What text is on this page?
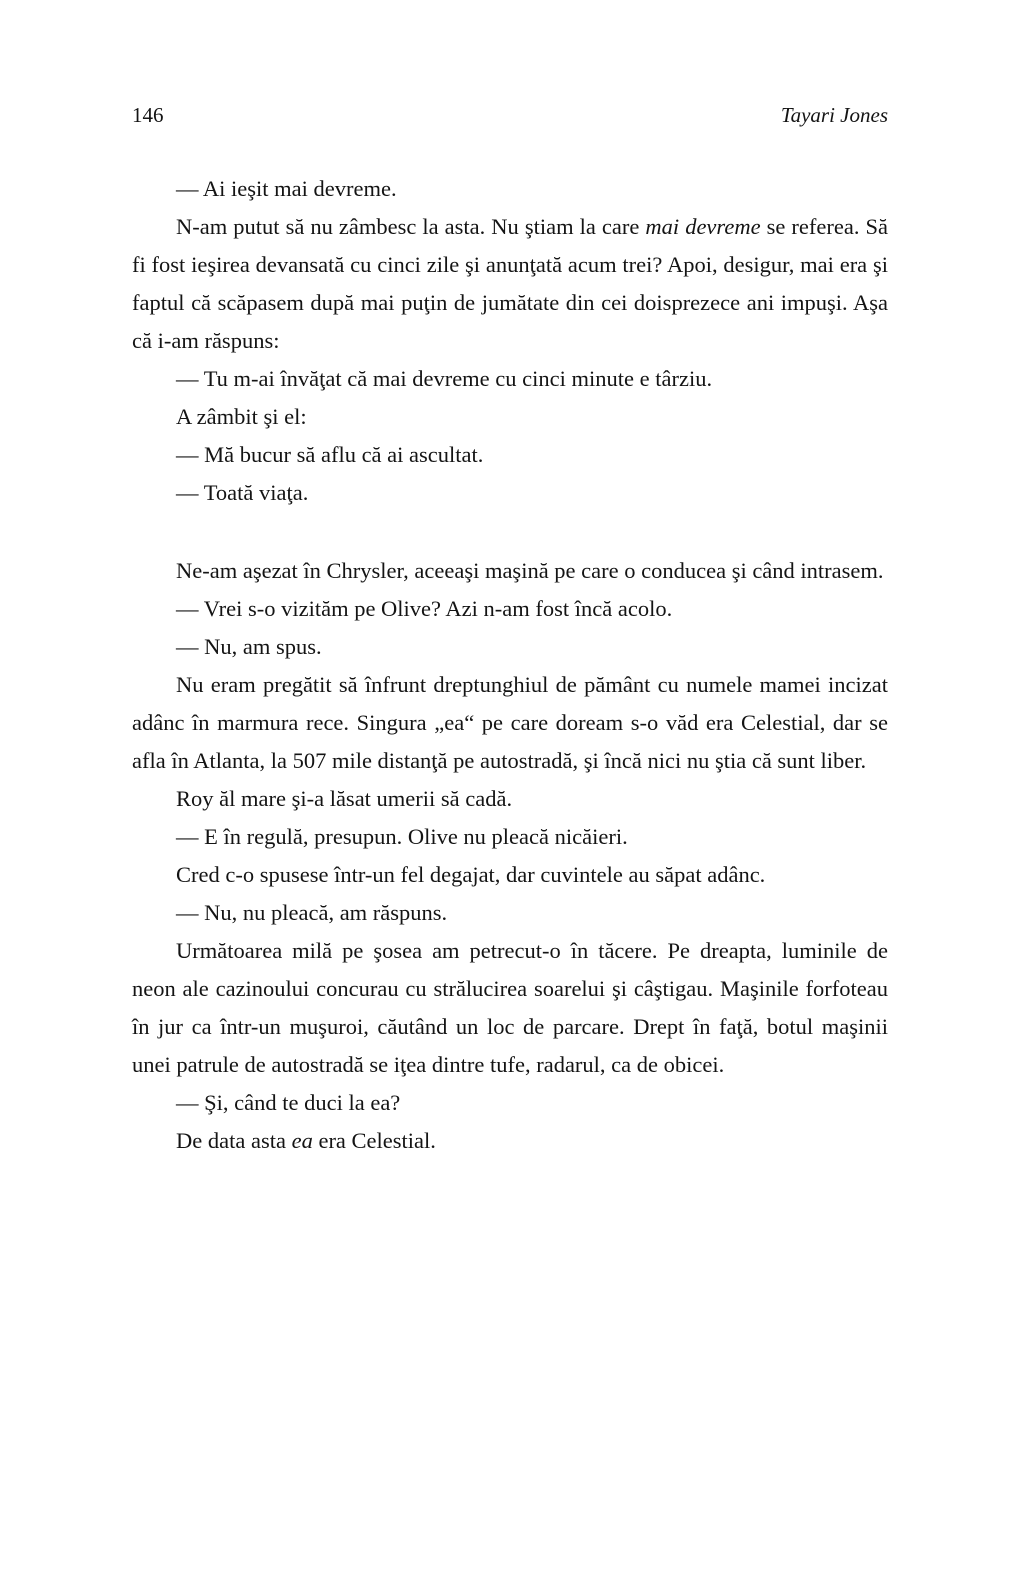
146	Tayari Jones

— Ai ieşit mai devreme.

N-am putut să nu zâmbesc la asta. Nu ştiam la care mai devreme se referea. Să fi fost ieşirea devansată cu cinci zile şi anunţată acum trei? Apoi, desigur, mai era şi faptul că scăpasem după mai puţin de jumătate din cei doisprezece ani impuşi. Aşa că i-am răspuns:

— Tu m-ai învăţat că mai devreme cu cinci minute e târziu.

A zâmbit şi el:

— Mă bucur să aflu că ai ascultat.

— Toată viaţa.

Ne-am aşezat în Chrysler, aceeaşi maşină pe care o conducea şi când intrasem.

— Vrei s-o vizităm pe Olive? Azi n-am fost încă acolo.

— Nu, am spus.

Nu eram pregătit să înfrunt dreptunghiul de pământ cu numele mamei incizat adânc în marmura rece. Singura „ea“ pe care doream s-o văd era Celestial, dar se afla în Atlanta, la 507 mile distanţă pe autostradă, şi încă nici nu ştia că sunt liber.

Roy ăl mare şi-a lăsat umerii să cadă.

— E în regulă, presupun. Olive nu pleacă nicăieri.

Cred c-o spusese într-un fel degajat, dar cuvintele au săpat adânc.

— Nu, nu pleacă, am răspuns.

Următoarea milă pe şosea am petrecut-o în tăcere. Pe dreapta, luminile de neon ale cazinoului concurau cu strălucirea soarelui şi câştigau. Maşinile forfoteau în jur ca într-un muşuroi, căutând un loc de parcare. Drept în faţă, botul maşinii unei patrule de autostradă se iţea dintre tufe, radarul, ca de obicei.

— Şi, când te duci la ea?

De data asta ea era Celestial.
